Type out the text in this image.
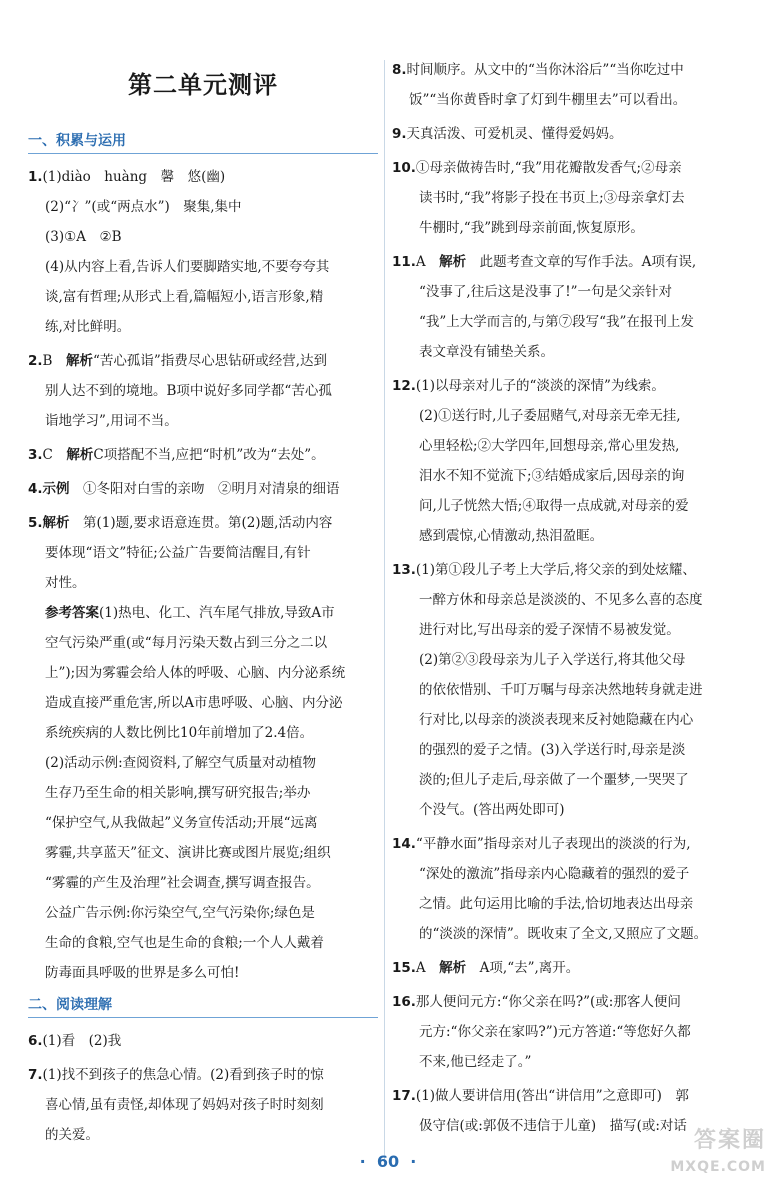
第二单元测评
一、积累与运用
1.(1)diào　huàng　馨　悠(幽)
(2)“冫”(或“两点水”)　聚集,集中
(3)①A　②B
(4)从内容上看,告诉人们要脚踏实地,不要夸夸其
谈,富有哲理;从形式上看,篇幅短小,语言形象,精
练,对比鲜明。
2.B　 解析“苦心孤诣”指费尽心思钻研或经营,达到
别人达不到的境地。B项中说好多同学都“苦心孤
诣地学习”,用词不当。
3.C　 解析C项搭配不当,应把“时机”改为“去处”。
4.示例　 ①冬阳对白雪的亲吻　②明月对清泉的细语
5.解析　 第(1)题,要求语意连贯。第(2)题,活动内容
要体现“语文”特征;公益广告要简洁醒目,有针
对性。
参考答案(1)热电、化工、汽车尾气排放,导致A市
空气污染严重(或“每月污染天数占到三分之二以
上”);因为雾霾会给人体的呼吸、心脑、内分泌系统
造成直接严重危害,所以A市患呼吸、心脑、内分泌
系统疾病的人数比例比10年前增加了2.4倍。
(2)活动示例:查阅资料,了解空气质量对动植物
生存乃至生命的相关影响,撰写研究报告;举办
“保护空气,从我做起”义务宣传活动;开展“远离
雾霾,共享蓝天”征文、演讲比赛或图片展览;组织
“雾霾的产生及治理”社会调查,撰写调查报告。
公益广告示例:你污染空气,空气污染你;绿色是
生命的食粮,空气也是生命的食粮;一个人人戴着
防毒面具呼吸的世界是多么可怕!
二、阅读理解
6.(1)看　(2)我
7.(1)找不到孩子的焦急心情。(2)看到孩子时的惊
喜心情,虽有责怪,却体现了妈妈对孩子时时刻刻
的关爱。
8.时间顺序。从文中的“当你沐浴后”“当你吃过中
饭”“当你黄昏时拿了灯到牛棚里去”可以看出。
9.天真活泼、可爱机灵、懂得爱妈妈。
10.①母亲做祷告时,“我”用花瓣散发香气;②母亲
读书时,“我”将影子投在书页上;③母亲拿灯去
牛棚时,“我”跳到母亲前面,恢复原形。
11.A　 解析　 此题考查文章的写作手法。A项有误,
“没事了,往后这是没事了!”一句是父亲针对
“我”上大学而言的,与第⑦段写“我”在报刊上发
表文章没有铺垫关系。
12.(1)以母亲对儿子的“淡淡的深情”为线索。
(2)①送行时,儿子委屈赌气,对母亲无牵无挂,
心里轻松;②大学四年,回想母亲,常心里发热,
泪水不知不觉流下;③结婚成家后,因母亲的询
问,儿子恍然大悟;④取得一点成就,对母亲的爱
感到震惊,心情激动,热泪盈眶。
13.(1)第①段儿子考上大学后,将父亲的到处炫耀、
一醉方休和母亲总是淡淡的、不见多么喜的态度
进行对比,写出母亲的爱子深情不易被发觉。
(2)第②③段母亲为儿子入学送行,将其他父母
的依依惜别、千叮万嘱与母亲决然地转身就走进
行对比,以母亲的淡淡表现来反衬她隐藏在内心
的强烈的爱子之情。(3)入学送行时,母亲是淡
淡的;但儿子走后,母亲做了一个噩梦,一哭哭了
个没气。(答出两处即可)
14.“平静水面”指母亲对儿子表现出的淡淡的行为,
“深处的激流”指母亲内心隐藏着的强烈的爱子
之情。此句运用比喻的手法,恰切地表达出母亲
的“淡淡的深情”。既收束了全文,又照应了文题。
15.A　 解析　 A项,“去”,离开。
16.那人便问元方:“你父亲在吗?”(或:那客人便问
元方:“你父亲在家吗?”)元方答道:“等您好久都
不来,他已经走了。”
17.(1)做人要讲信用(答出“讲信用”之意即可)　郭
伋守信(或:郭伋不违信于儿童)　描写(或:对话
·  60  ·
答案圈
MXQE.COM
